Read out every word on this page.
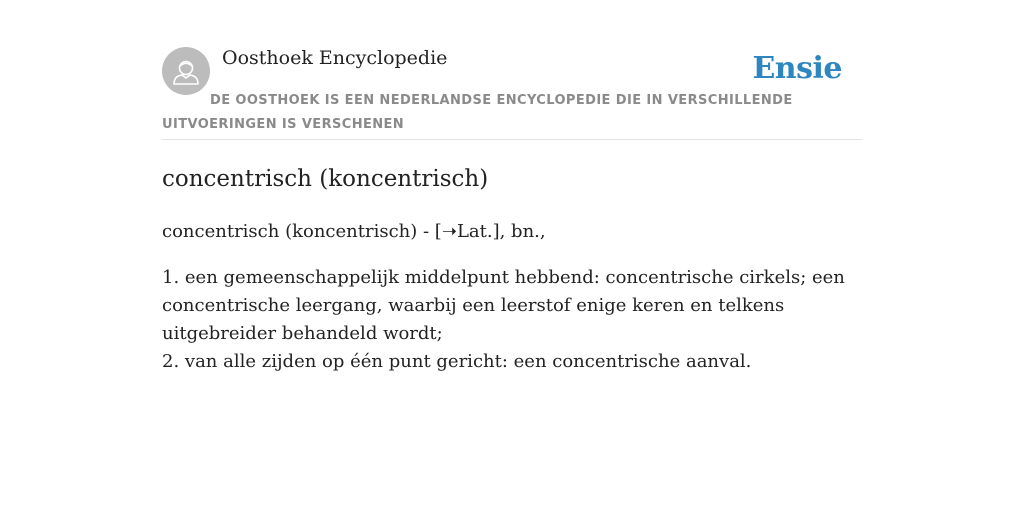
Oosthoek Encyclopedie	Ensie
DE OOSTHOEK IS EEN NEDERLANDSE ENCYCLOPEDIE DIE IN VERSCHILLENDE UITVOERINGEN IS VERSCHENEN
concentrisch (koncentrisch)

concentrisch (koncentrisch) - [➝Lat.], bn.,

1. een gemeenschappelijk middelpunt hebbend: concentrische cirkels; een concentrische leergang, waarbij een leerstof enige keren en telkens uitgebreider behandeld wordt;
2. van alle zijden op één punt gericht: een concentrische aanval.
